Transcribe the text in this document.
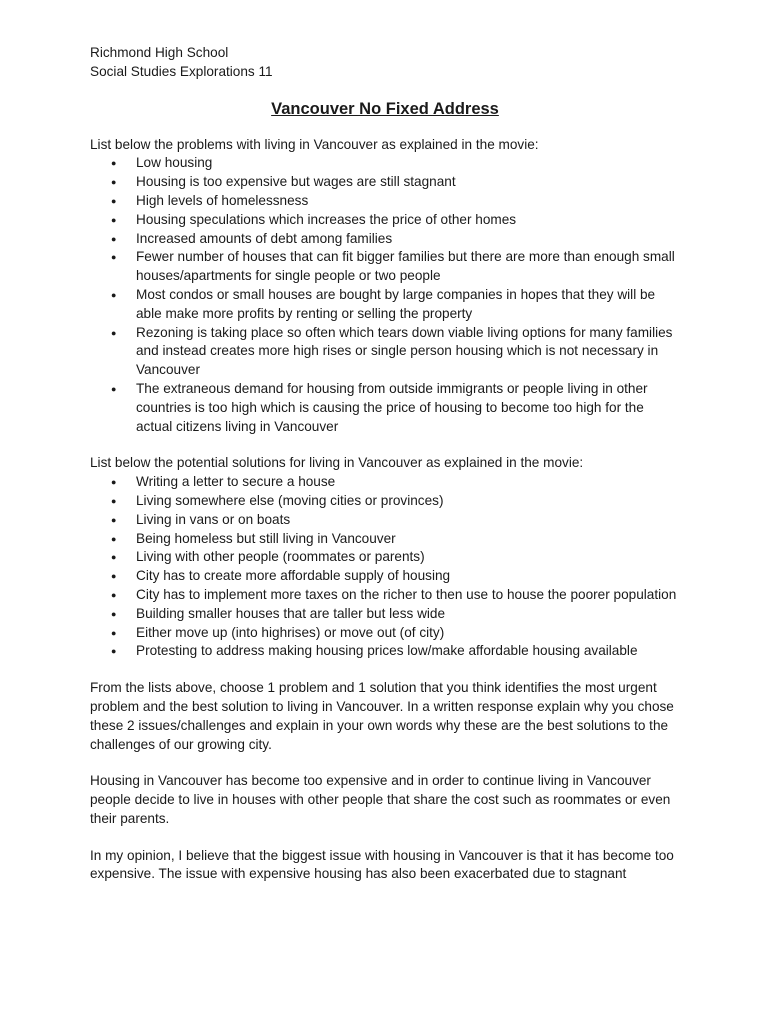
Richmond High School

Social Studies Explorations 11

Vancouver No Fixed Address

List below the problems with living in Vancouver as explained in the movie:

● Low housing
● Housing is too expensive but wages are still stagnant
● High levels of homelessness
● Housing speculations which increases the price of other homes
● Increased amounts of debt among families
● Fewer number of houses that can fit bigger families but there are more than enough small houses/apartments for single people or two people
● Most condos or small houses are bought by large companies in hopes that they will be able make more profits by renting or selling the property
● Rezoning is taking place so often which tears down viable living options for many families and instead creates more high rises or single person housing which is not necessary in Vancouver
● The extraneous demand for housing from outside immigrants or people living in other countries is too high which is causing the price of housing to become too high for the actual citizens living in Vancouver

List below the potential solutions for living in Vancouver as explained in the movie:

● Writing a letter to secure a house
● Living somewhere else (moving cities or provinces)
● Living in vans or on boats
● Being homeless but still living in Vancouver
● Living with other people (roommates or parents)
● City has to create more affordable supply of housing
● City has to implement more taxes on the richer to then use to house the poorer population
● Building smaller houses that are taller but less wide
● Either move up (into highrises) or move out (of city)
● Protesting to address making housing prices low/make affordable housing available

From the lists above, choose 1 problem and 1 solution that you think identifies the most urgent problem and the best solution to living in Vancouver. In a written response explain why you chose these 2 issues/challenges and explain in your own words why these are the best solutions to the challenges of our growing city.

Housing in Vancouver has become too expensive and in order to continue living in Vancouver people decide to live in houses with other people that share the cost such as roommates or even their parents.

In my opinion, I believe that the biggest issue with housing in Vancouver is that it has become too expensive. The issue with expensive housing has also been exacerbated due to stagnant
